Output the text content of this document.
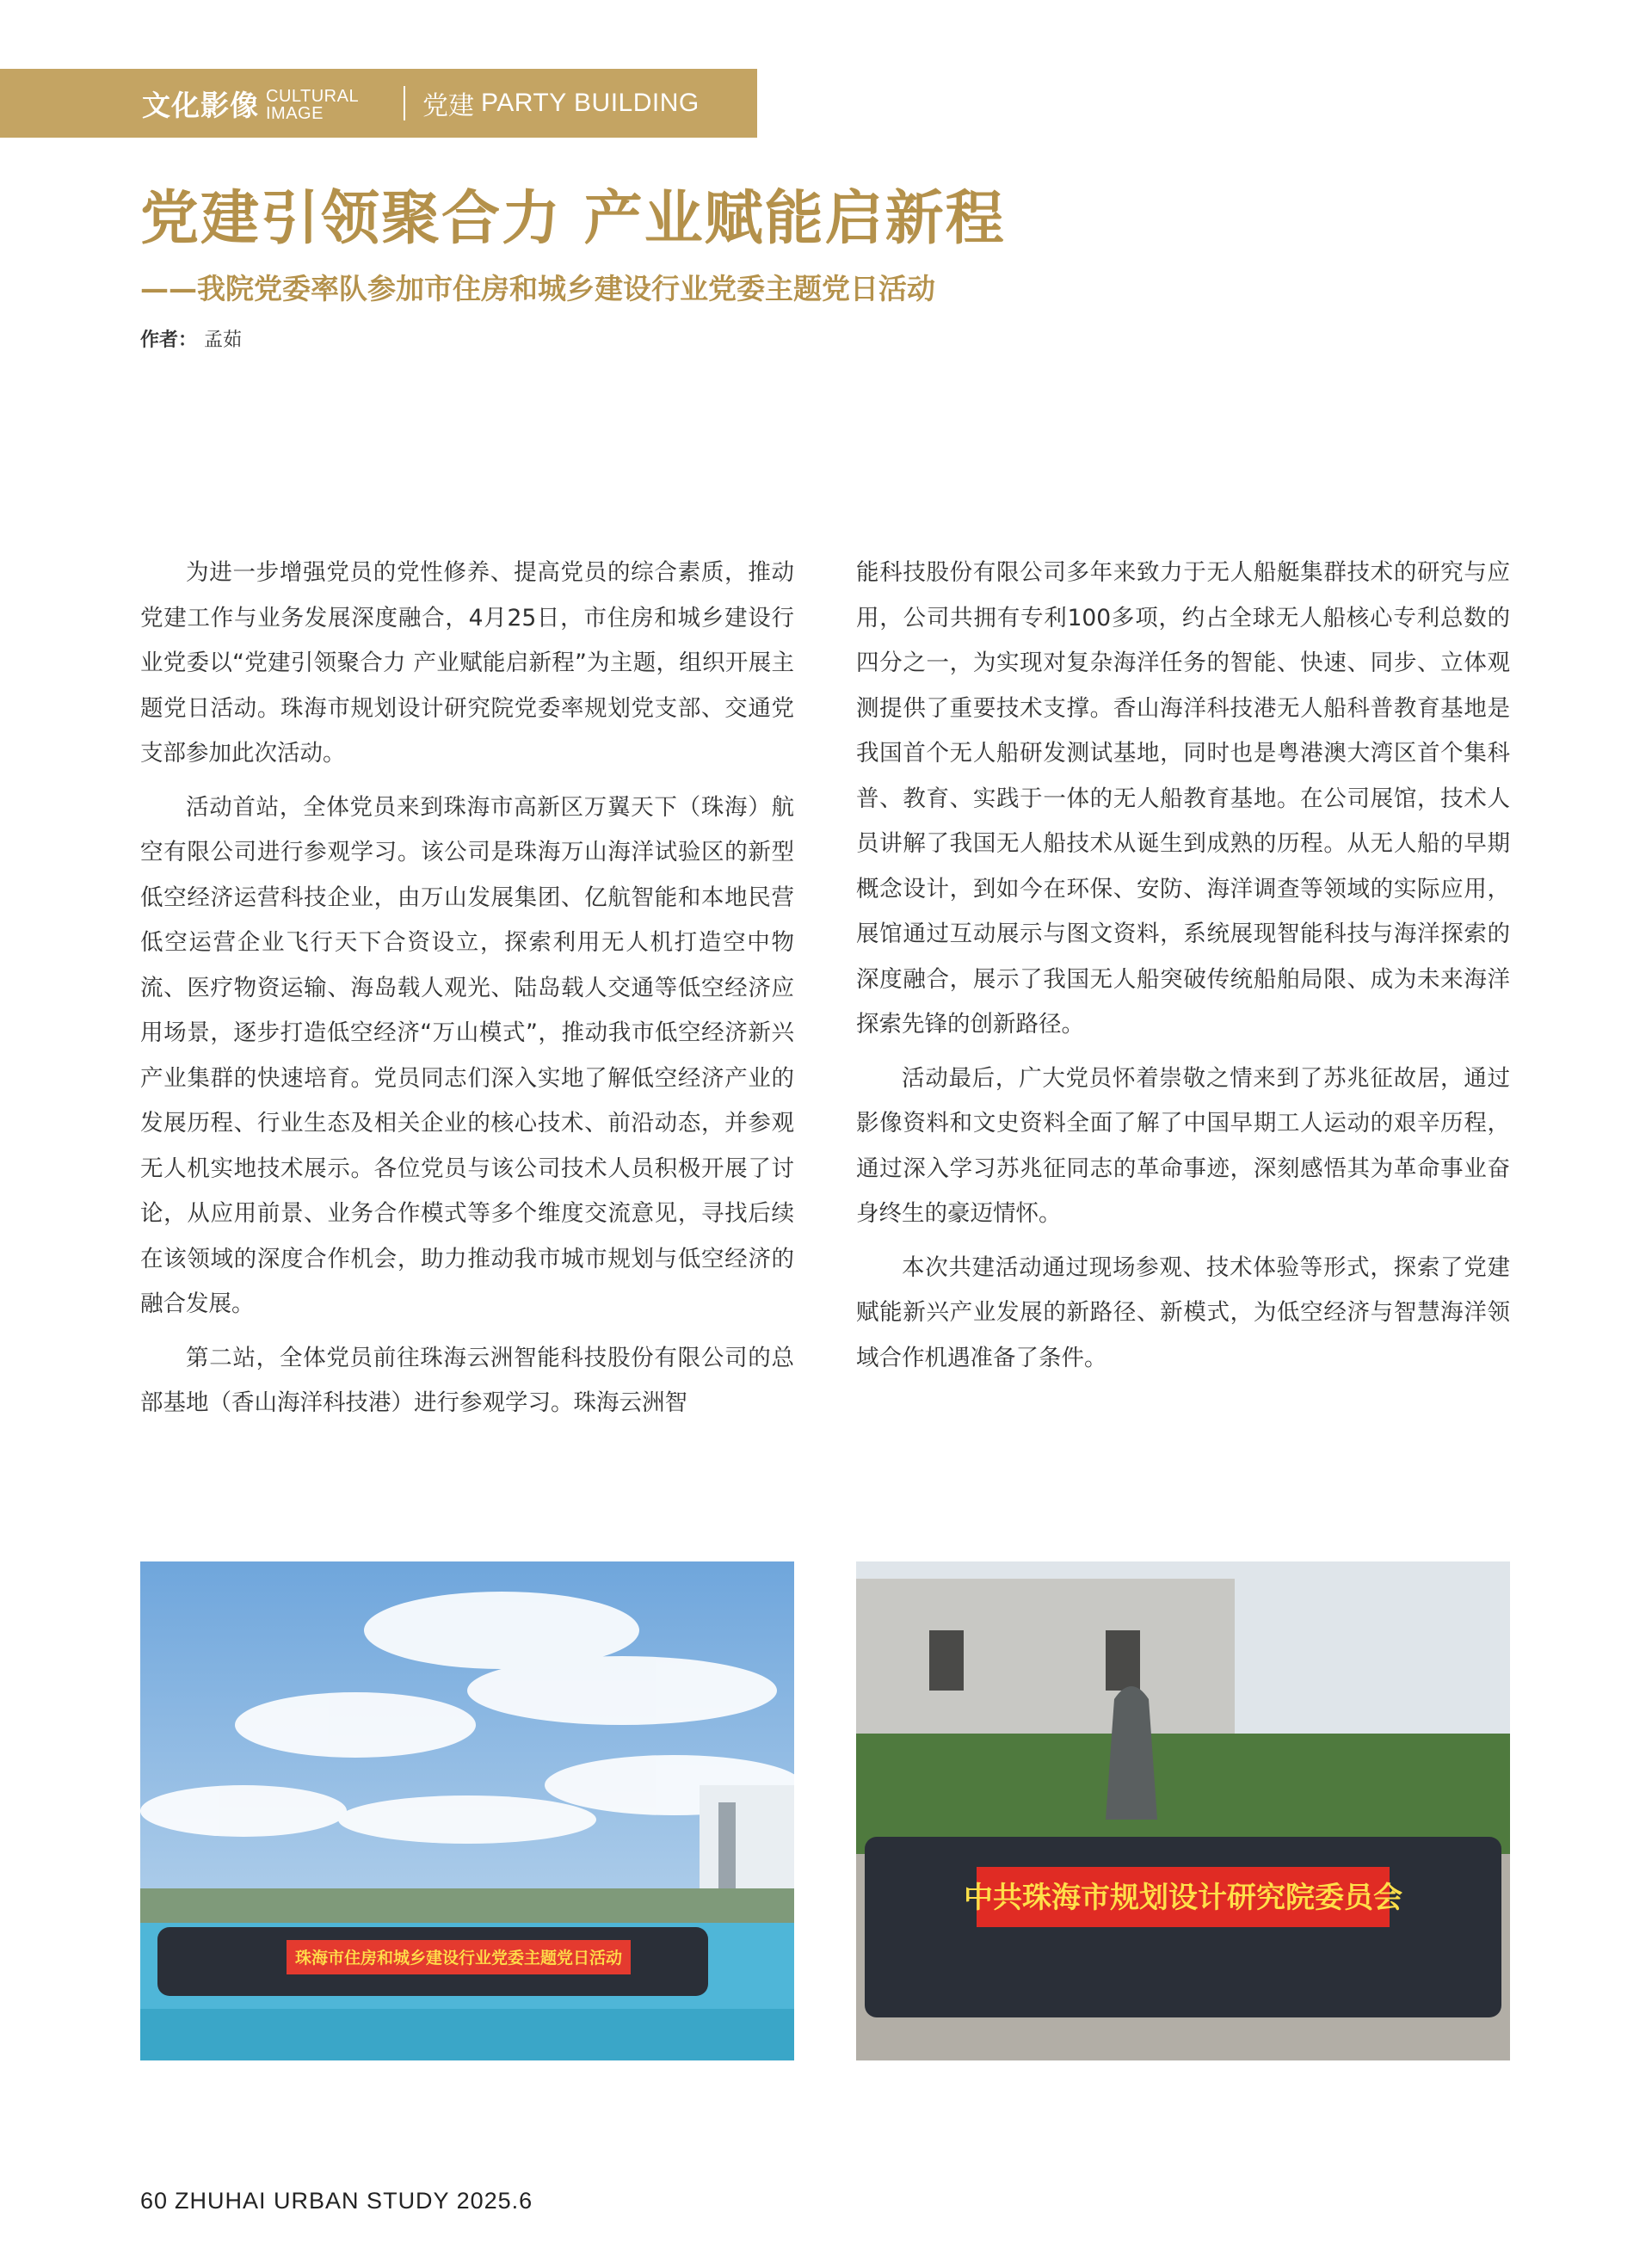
文化影像 CULTURAL
IMAGE	党建 PARTY BUILDING
党建引领聚合力 产业赋能启新程
——我院党委率队参加市住房和城乡建设行业党委主题党日活动
作者： 孟茹

为进一步增强党员的党性修养、提高党员的综合素质，推动党建工作与业务发展深度融合，4月25日，市住房和城乡建设行业党委以“党建引领聚合力 产业赋能启新程”为主题，组织开展主题党日活动。珠海市规划设计研究院党委率规划党支部、交通党支部参加此次活动。

活动首站，全体党员来到珠海市高新区万翼天下（珠海）航空有限公司进行参观学习。该公司是珠海万山海洋试验区的新型低空经济运营科技企业，由万山发展集团、亿航智能和本地民营低空运营企业飞行天下合资设立，探索利用无人机打造空中物流、医疗物资运输、海岛载人观光、陆岛载人交通等低空经济应用场景，逐步打造低空经济“万山模式”，推动我市低空经济新兴产业集群的快速培育。党员同志们深入实地了解低空经济产业的发展历程、行业生态及相关企业的核心技术、前沿动态，并参观无人机实地技术展示。各位党员与该公司技术人员积极开展了讨论，从应用前景、业务合作模式等多个维度交流意见，寻找后续在该领域的深度合作机会，助力推动我市城市规划与低空经济的融合发展。

第二站，全体党员前往珠海云洲智能科技股份有限公司的总部基地（香山海洋科技港）进行参观学习。珠海云洲智

能科技股份有限公司多年来致力于无人船艇集群技术的研究与应用，公司共拥有专利100多项，约占全球无人船核心专利总数的四分之一，为实现对复杂海洋任务的智能、快速、同步、立体观测提供了重要技术支撑。香山海洋科技港无人船科普教育基地是我国首个无人船研发测试基地，同时也是粤港澳大湾区首个集科普、教育、实践于一体的无人船教育基地。在公司展馆，技术人员讲解了我国无人船技术从诞生到成熟的历程。从无人船的早期概念设计，到如今在环保、安防、海洋调查等领域的实际应用，展馆通过互动展示与图文资料，系统展现智能科技与海洋探索的深度融合，展示了我国无人船突破传统船舶局限、成为未来海洋探索先锋的创新路径。

活动最后，广大党员怀着崇敬之情来到了苏兆征故居，通过影像资料和文史资料全面了解了中国早期工人运动的艰辛历程，通过深入学习苏兆征同志的革命事迹，深刻感悟其为革命事业奋身终生的豪迈情怀。

本次共建活动通过现场参观、技术体验等形式，探索了党建赋能新兴产业发展的新路径、新模式，为低空经济与智慧海洋领域合作机遇准备了条件。

珠海市住房和城乡建设行业党委主题党日活动
中共珠海市规划设计研究院委员会
60 ZHUHAI URBAN STUDY 2025.6
